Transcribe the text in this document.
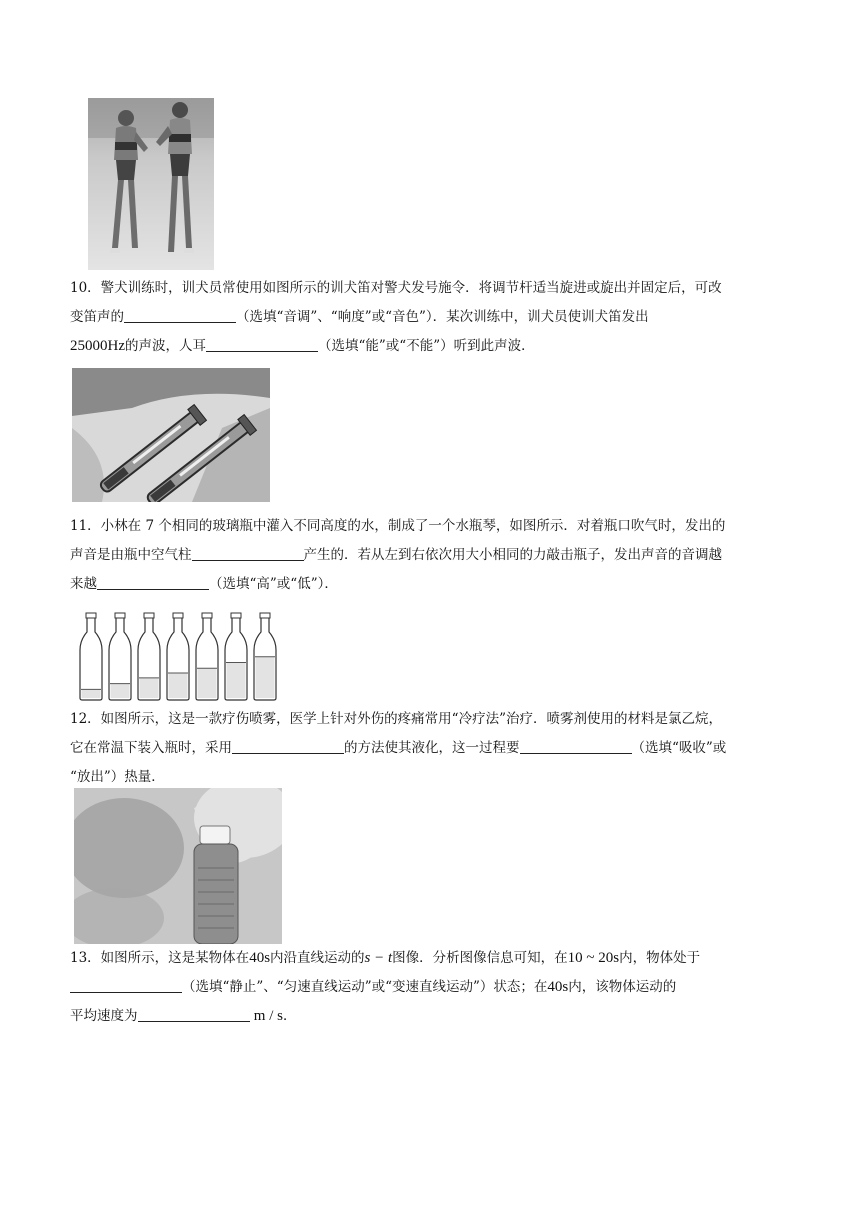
10．警犬训练时，训犬员常使用如图所示的训犬笛对警犬发号施令．将调节杆适当旋进或旋出并固定后，可改
变笛声的	（选填“音调”、“响度”或“音色”）．某次训练中，训犬员使训犬笛发出
25000Hz的声波，人耳	（选填“能”或“不能”）听到此声波．
11．小林在 7 个相同的玻璃瓶中灌入不同高度的水，制成了一个水瓶琴，如图所示．对着瓶口吹气时，发出的
声音是由瓶中空气柱	产生的．若从左到右依次用大小相同的力敲击瓶子，发出声音的音调越
来越	（选填“高”或“低”）．
12．如图所示，这是一款疗伤喷雾，医学上针对外伤的疼痛常用“冷疗法”治疗．喷雾剂使用的材料是氯乙烷，
它在常温下装入瓶时，采用	的方法使其液化，这一过程要	（选填“吸收”或
“放出”）热量．
13．如图所示，这是某物体在40s内沿直线运动的s − t图像．分析图像信息可知，在10 ~ 20s内，物体处于
（选填“静止”、“匀速直线运动”或“变速直线运动”）状态；在40s内，该物体运动的
平均速度为	m / s．
